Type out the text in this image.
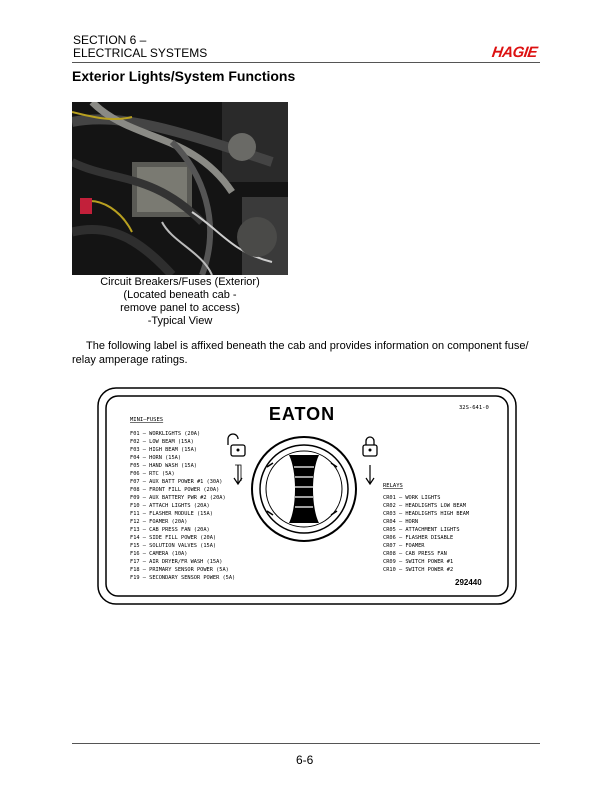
SECTION 6 –
ELECTRICAL SYSTEMS	HAGIE
Exterior Lights/System Functions
Circuit Breakers/Fuses (Exterior)
(Located beneath cab -
remove panel to access)
-Typical View
The following label is affixed beneath the cab and provides information on component fuse/ relay amperage ratings.
EATON	32S-641-0
MINI–FUSES
F01 – WORKLIGHTS (20A)
F02 – LOW BEAM (15A)
F03 – HIGH BEAM (15A)
F04 – HORN (15A)
F05 – HAND WASH (15A)
F06 – RTC (5A)
F07 – AUX BATT POWER #1 (30A)
F08 – FRONT FILL POWER (20A)
F09 – AUX BATTERY PWR #2 (20A)
F10 – ATTACH LIGHTS (20A)
F11 – FLASHER MODULE (15A)
F12 – FOAMER (20A)
F13 – CAB PRESS FAN (20A)
F14 – SIDE FILL POWER (20A)
F15 – SOLUTION VALVES (15A)
F16 – CAMERA (10A)
F17 – AIR DRYER/FR WASH (15A)
F18 – PRIMARY SENSOR POWER (5A)
F19 – SECONDARY SENSOR POWER (5A)
RELAYS
CR01 – WORK LIGHTS
CR02 – HEADLIGHTS LOW BEAM
CR03 – HEADLIGHTS HIGH BEAM
CR04 – HORN
CR05 – ATTACHMENT LIGHTS
CR06 – FLASHER DISABLE
CR07 – FOAMER
CR08 – CAB PRESS FAN
CR09 – SWITCH POWER #1
CR10 – SWITCH POWER #2
292440
6-6
